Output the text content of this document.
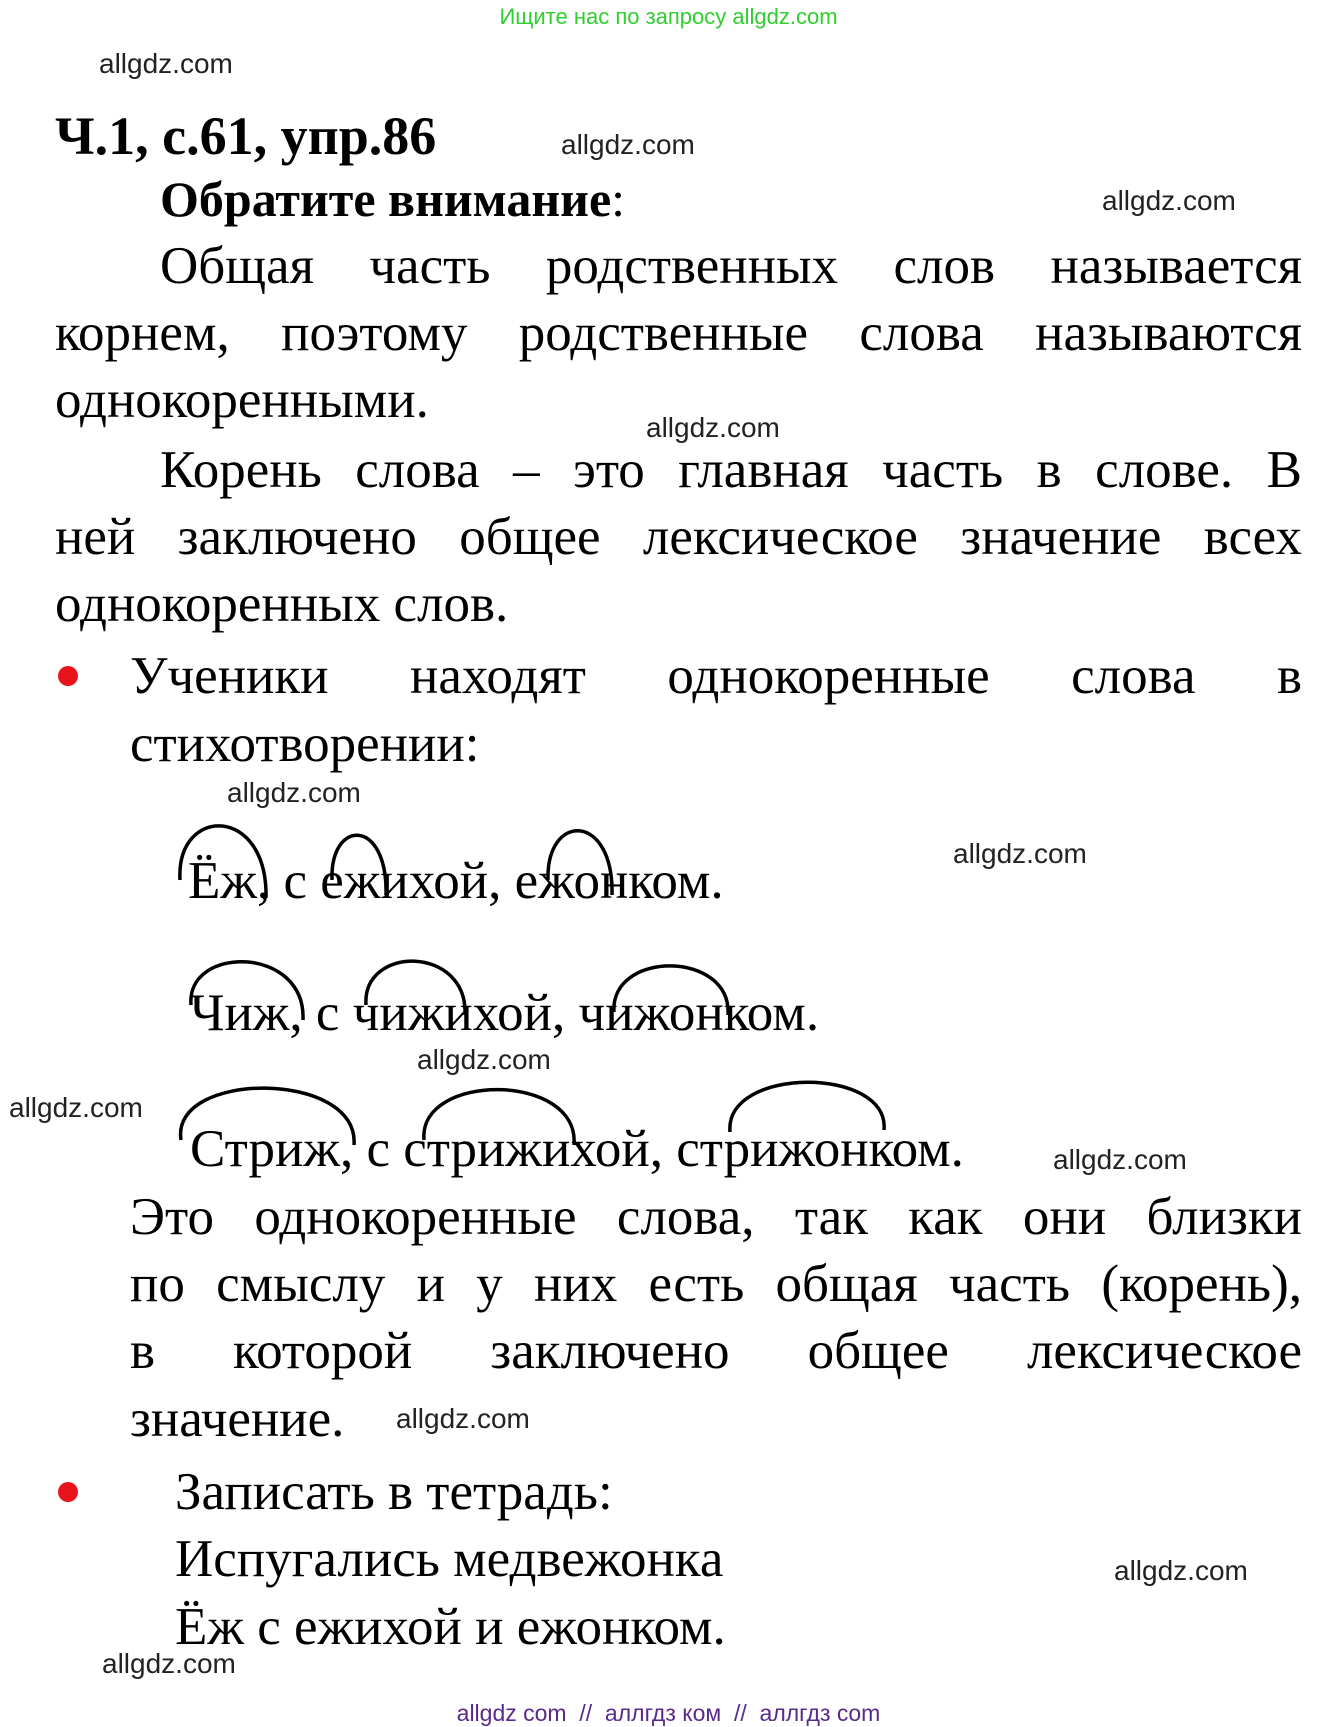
Ищите нас по запросу allgdz.com
Ч.1, с.61, упр.86
Обратите внимание:
Общая часть родственных слов называется
корнем, поэтому родственные слова называются
однокоренными.
Корень слова – это главная часть в слове. В
ней заключено общее лексическое значение всех
однокоренных слов.
Ученики находят однокоренные слова в
стихотворении:
Ёж, с ежихой, ежонком.
Чиж, с чижихой, чижонком.
Стриж, с стрижихой, стрижонком.
Это однокоренные слова, так как они близки
по смыслу и у них есть общая часть (корень),
в которой заключено общее лексическое
значение.
Записать в тетрадь:
Испугались медвежонка
Ёж с ежихой и ежонком.
allgdz.com
allgdz.com
allgdz.com
allgdz.com
allgdz.com
allgdz.com
allgdz.com
allgdz.com
allgdz.com
allgdz.com
allgdz.com
allgdz.com
allgdz com  //  аллгдз ком  //  аллгдз com
